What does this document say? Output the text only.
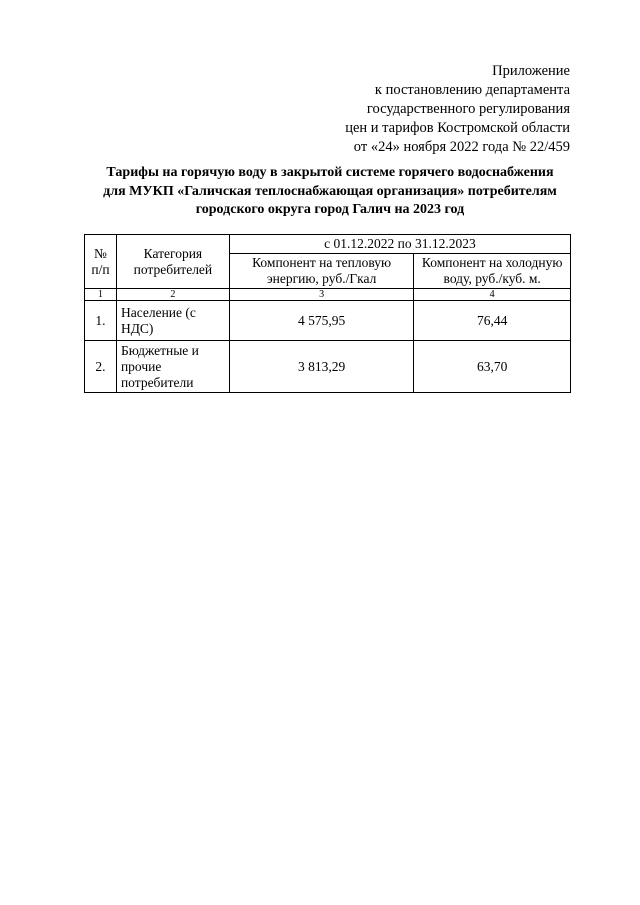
Приложение
к постановлению департамента
государственного регулирования
цен и тарифов Костромской области
от «24» ноября 2022 года № 22/459
Тарифы на горячую воду в закрытой системе горячего водоснабжения
для МУКП «Галичская теплоснабжающая организация» потребителям
городского округа город Галич на 2023 год
№ п/п	Категория потребителей	с 01.12.2022 по 31.12.2023	
		Компонент на тепловую энергию, руб./Гкал	Компонент на холодную воду, руб./куб. м.
1	2	3	4
1.	Население (с НДС)	4 575,95	76,44
2.	Бюджетные и прочие потребители	3 813,29	63,70
